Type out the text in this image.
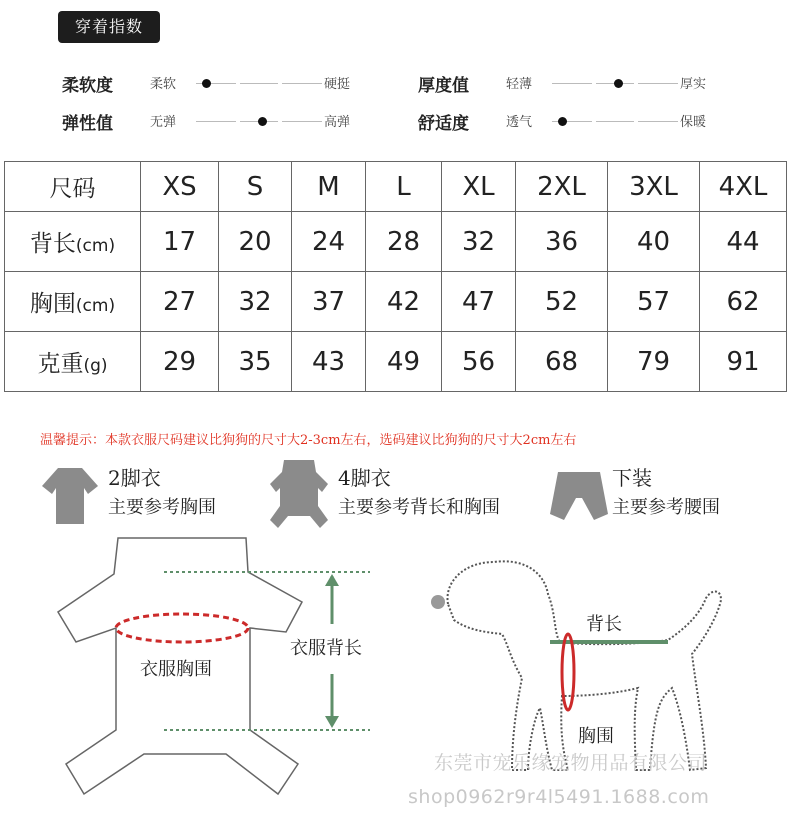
穿着指数
柔软度	柔软	硬挺	厚度值	轻薄	厚实
弹性值	无弹	高弹	舒适度	透气	保暖
尺码	XS	S	M	L	XL	2XL	3XL	4XL
背长(cm)	17	20	24	28	32	36	40	44
胸围(cm)	27	32	37	42	47	52	57	62
克重(g)	29	35	43	49	56	68	79	91
温馨提示：本款衣服尺码建议比狗狗的尺寸大2-3cm左右，选码建议比狗狗的尺寸大2cm左右
2脚衣
主要参考胸围
4脚衣
主要参考背长和胸围
下装
主要参考腰围
衣服胸围
衣服背长
背长
胸围
东莞市宠乐缘宠物用品有限公司
shop0962r9r4l5491.1688.com
